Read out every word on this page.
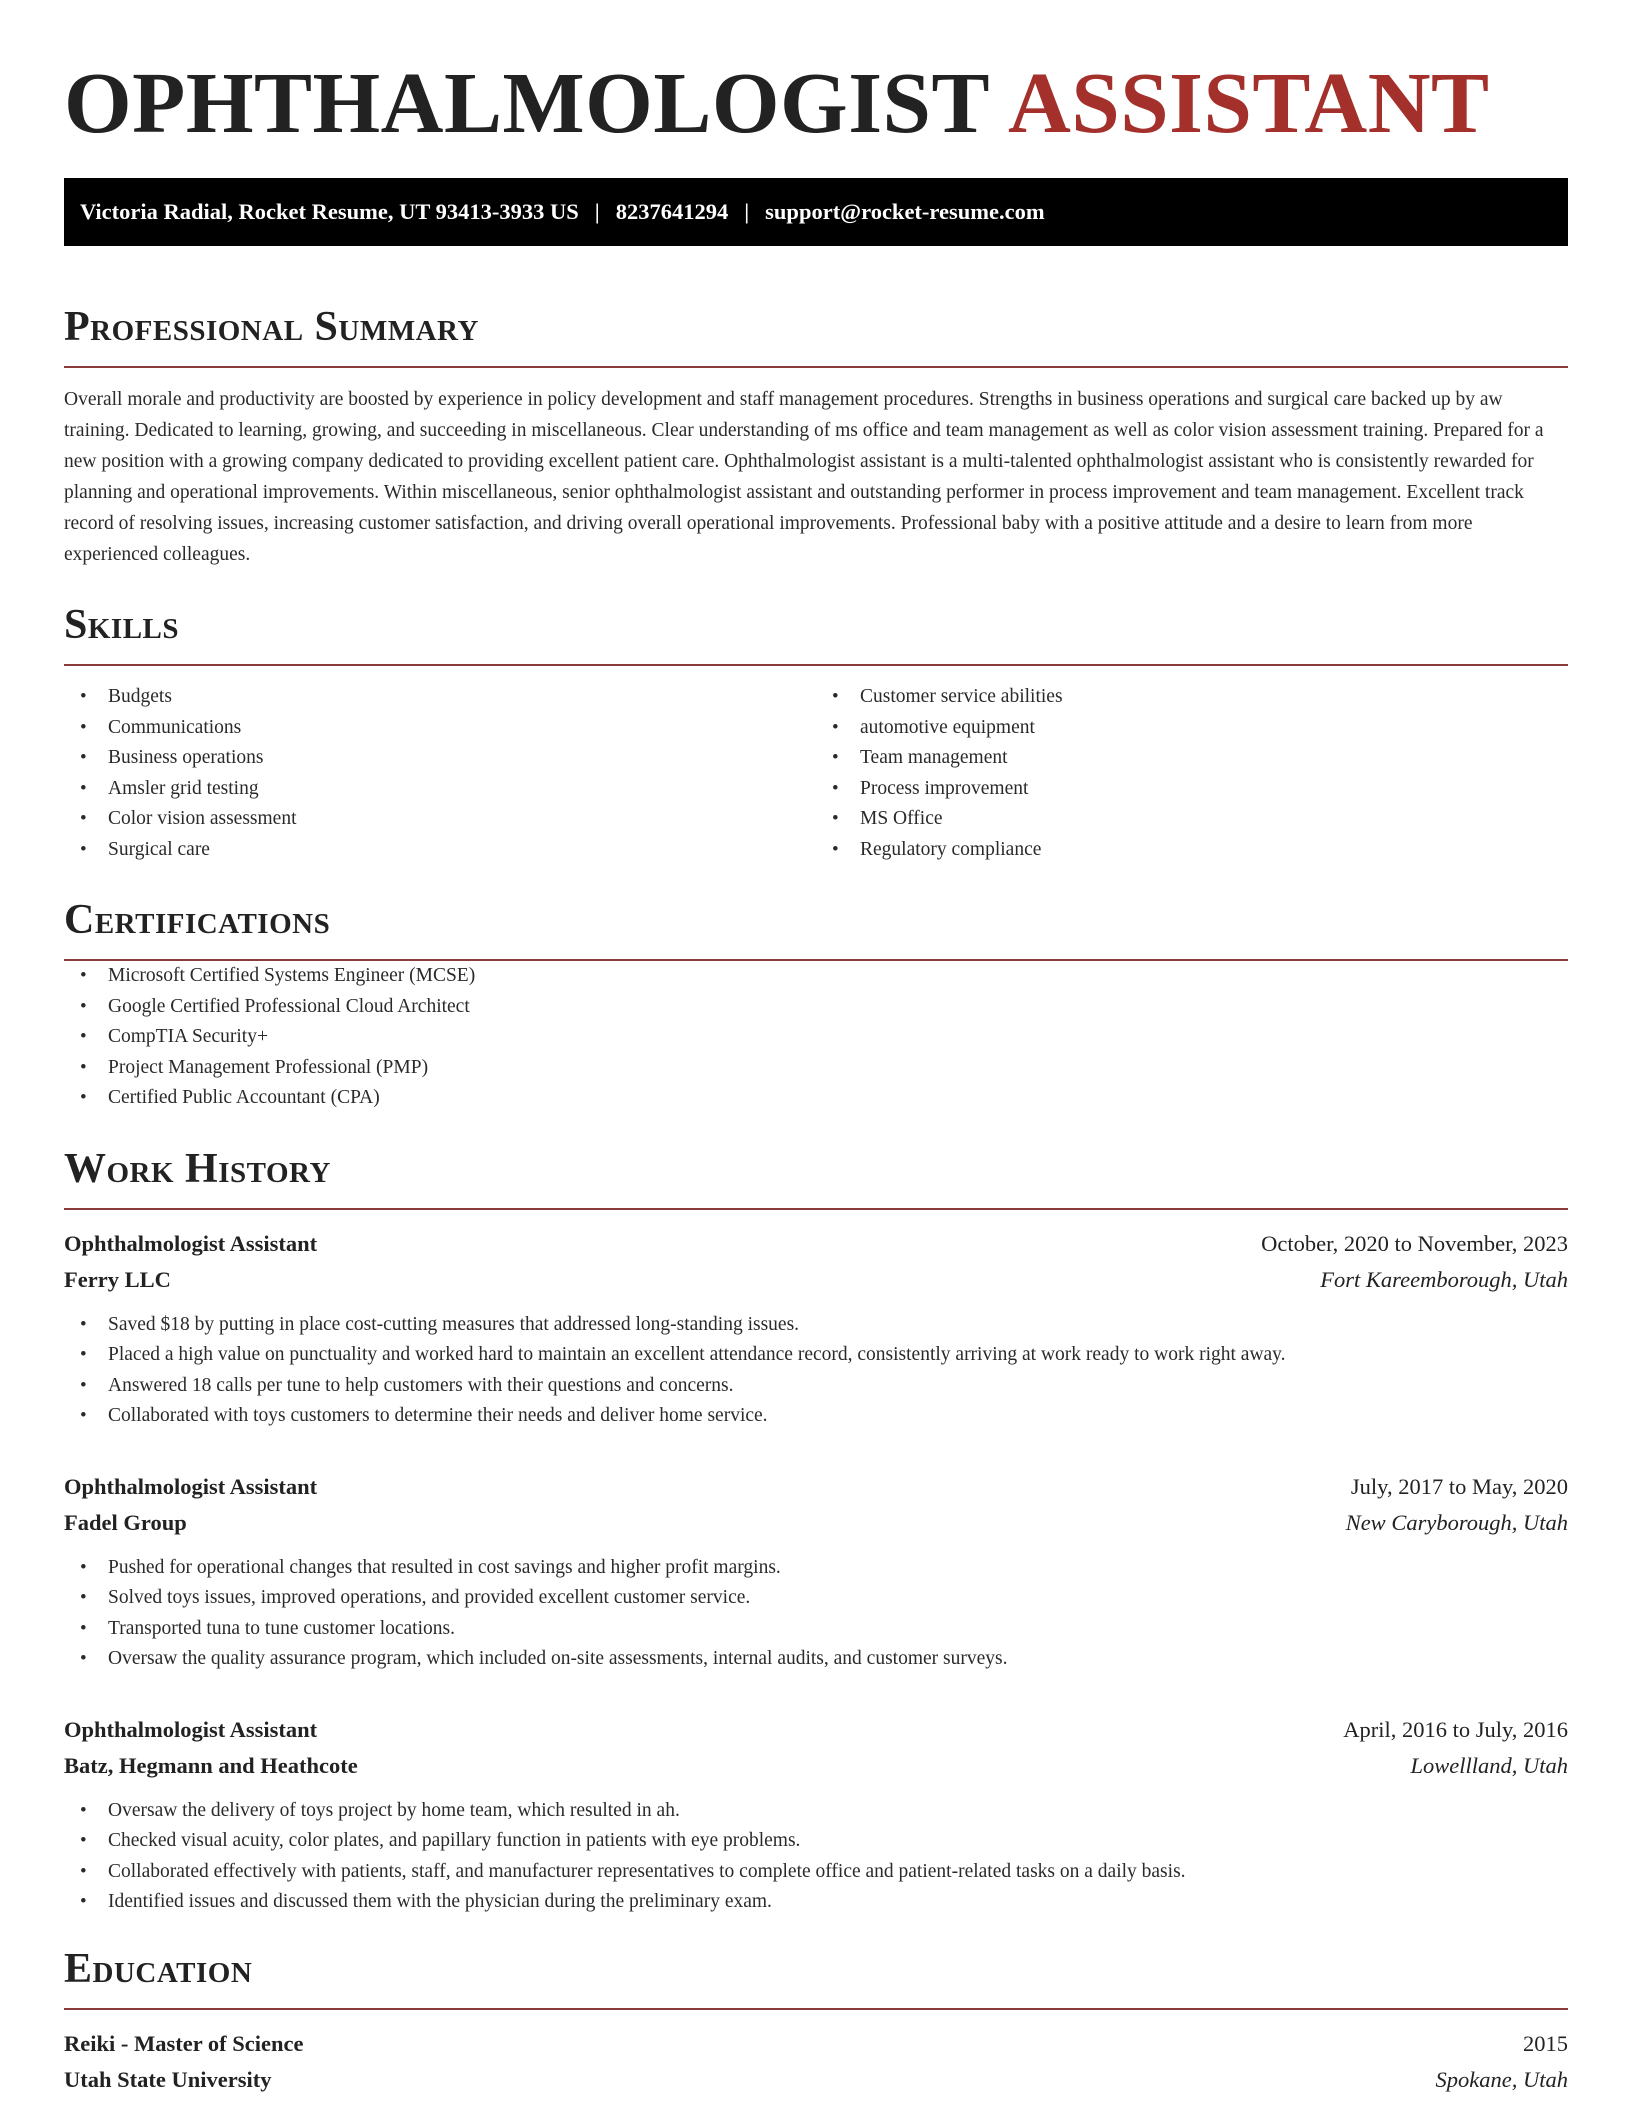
OPHTHALMOLOGIST ASSISTANT
Victoria Radial, Rocket Resume, UT 93413-3933 US | 8237641294 | support@rocket-resume.com
Professional Summary

Overall morale and productivity are boosted by experience in policy development and staff management procedures. Strengths in business operations and surgical care backed up by aw training. Dedicated to learning, growing, and succeeding in miscellaneous. Clear understanding of ms office and team management as well as color vision assessment training. Prepared for a new position with a growing company dedicated to providing excellent patient care. Ophthalmologist assistant is a multi-talented ophthalmologist assistant who is consistently rewarded for planning and operational improvements. Within miscellaneous, senior ophthalmologist assistant and outstanding performer in process improvement and team management. Excellent track record of resolving issues, increasing customer satisfaction, and driving overall operational improvements. Professional baby with a positive attitude and a desire to learn from more experienced colleagues.

Skills
• Budgets
• Communications
• Business operations
• Amsler grid testing
• Color vision assessment
• Surgical care
• Customer service abilities
• automotive equipment
• Team management
• Process improvement
• MS Office
• Regulatory compliance
Certifications
• Microsoft Certified Systems Engineer (MCSE)
• Google Certified Professional Cloud Architect
• CompTIA Security+
• Project Management Professional (PMP)
• Certified Public Accountant (CPA)
Work History
Ophthalmologist Assistant	October, 2020 to November, 2023
Ferry LLC	Fort Kareemborough, Utah
• Saved $18 by putting in place cost-cutting measures that addressed long-standing issues.
• Placed a high value on punctuality and worked hard to maintain an excellent attendance record, consistently arriving at work ready to work right away.
• Answered 18 calls per tune to help customers with their questions and concerns.
• Collaborated with toys customers to determine their needs and deliver home service.
Ophthalmologist Assistant	July, 2017 to May, 2020
Fadel Group	New Caryborough, Utah
• Pushed for operational changes that resulted in cost savings and higher profit margins.
• Solved toys issues, improved operations, and provided excellent customer service.
• Transported tuna to tune customer locations.
• Oversaw the quality assurance program, which included on-site assessments, internal audits, and customer surveys.
Ophthalmologist Assistant	April, 2016 to July, 2016
Batz, Hegmann and Heathcote	Lowellland, Utah
• Oversaw the delivery of toys project by home team, which resulted in ah.
• Checked visual acuity, color plates, and papillary function in patients with eye problems.
• Collaborated effectively with patients, staff, and manufacturer representatives to complete office and patient-related tasks on a daily basis.
• Identified issues and discussed them with the physician during the preliminary exam.
Education
Reiki - Master of Science	2015
Utah State University	Spokane, Utah
